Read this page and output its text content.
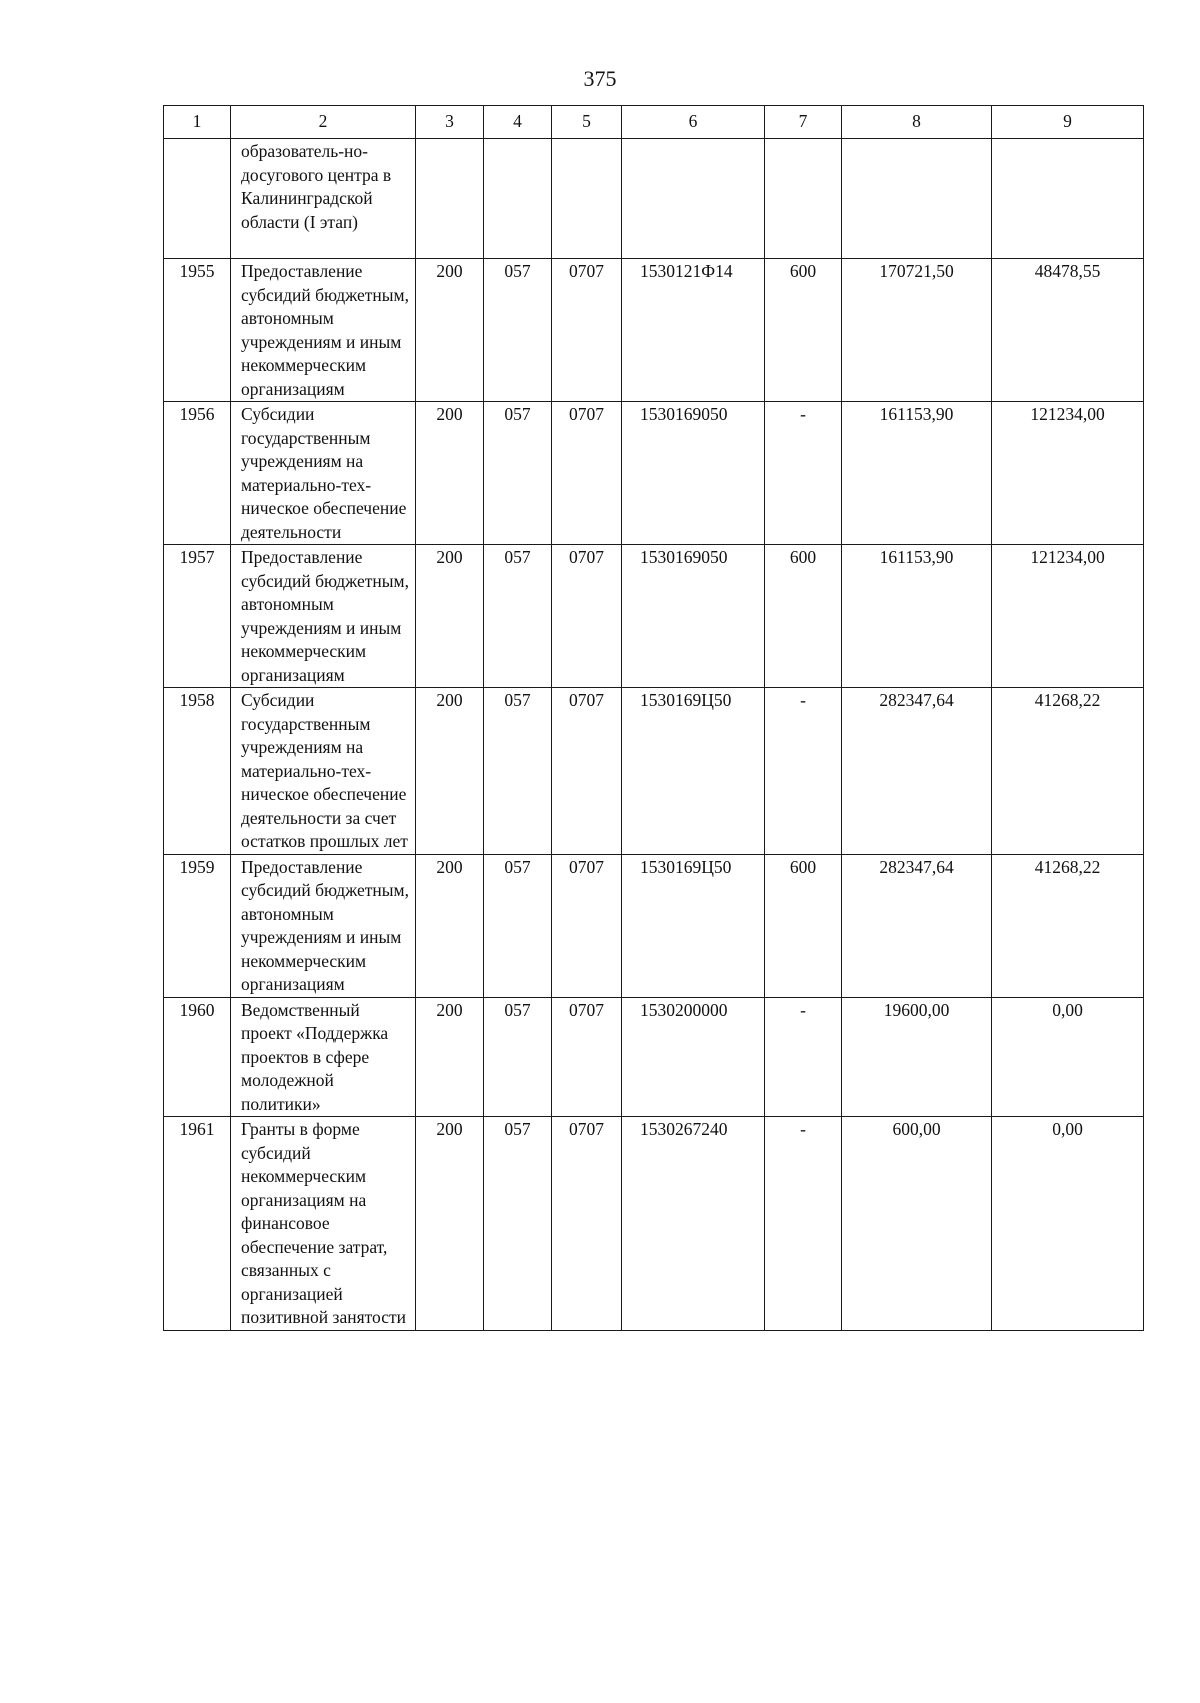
375
1	2	3	4	5	6	7	8	9
	образователь-но-досугового центра в Калининградской области (I этап)							
1955	Предоставление субсидий бюджетным, автономным учреждениям и иным некоммерческим организациям	200	057	0707	1530121Ф14	600	170721,50	48478,55
1956	Субсидии государственным учреждениям на материально-тех-ническое обеспечение деятельности	200	057	0707	1530169050	-	161153,90	121234,00
1957	Предоставление субсидий бюджетным, автономным учреждениям и иным некоммерческим организациям	200	057	0707	1530169050	600	161153,90	121234,00
1958	Субсидии государственным учреждениям на материально-тех-ническое обеспечение деятельности за счет остатков прошлых лет	200	057	0707	1530169Ц50	-	282347,64	41268,22
1959	Предоставление субсидий бюджетным, автономным учреждениям и иным некоммерческим организациям	200	057	0707	1530169Ц50	600	282347,64	41268,22
1960	Ведомственный проект «Поддержка проектов в сфере молодежной политики»	200	057	0707	1530200000	-	19600,00	0,00
1961	Гранты в форме субсидий некоммерческим организациям на финансовое обеспечение затрат, связанных с организацией позитивной занятости	200	057	0707	1530267240	-	600,00	0,00
